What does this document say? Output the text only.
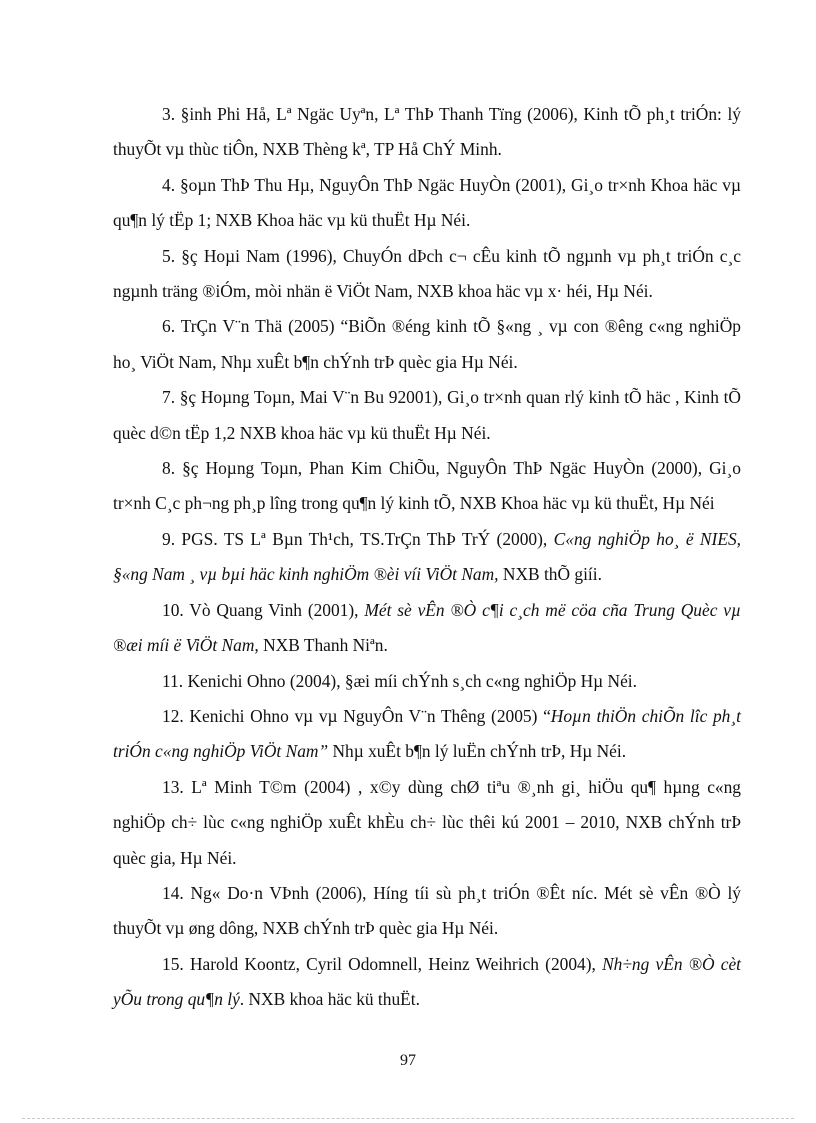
3. §inh Phi Hå, Lª Ngäc Uyªn, Lª ThÞ Thanh Tïng (2006), Kinh tÕ ph¸t triÓn: lý thuyÕt vµ thùc tiÔn, NXB Thèng kª, TP Hå ChÝ Minh.

4. §oµn ThÞ Thu Hµ, NguyÔn ThÞ Ngäc HuyÒn (2001), Gi¸o tr×nh Khoa häc vµ qu¶n lý tËp 1; NXB Khoa häc vµ kü thuËt Hµ Néi.

5. §ç Hoµi Nam (1996), ChuyÓn dÞch c¬ cÊu kinh tÕ ngµnh vµ ph¸t triÓn c¸c ngµnh träng ®iÓm, mòi nhän ë ViÖt Nam, NXB khoa häc vµ x· héi, Hµ Néi.

6. TrÇn V¨n Thä (2005) “BiÕn ®éng kinh tÕ §«ng ¸ vµ con ®êng c«ng nghiÖp ho¸ ViÖt Nam, Nhµ xuÊt b¶n chÝnh trÞ quèc gia Hµ Néi.

7. §ç Hoµng Toµn, Mai V¨n Bu 92001), Gi¸o tr×nh quan rlý kinh tÕ häc , Kinh tÕ quèc d©n tËp 1,2 NXB khoa häc vµ kü thuËt Hµ Néi.

8. §ç Hoµng Toµn, Phan Kim ChiÕu, NguyÔn ThÞ Ngäc HuyÒn (2000), Gi¸o tr×nh C¸c ph¬ng ph¸p lîng trong qu¶n lý kinh tÕ, NXB Khoa häc vµ kü thuËt, Hµ Néi

9. PGS. TS Lª Bµn Th¹ch, TS.TrÇn ThÞ TrÝ (2000), C«ng nghiÖp ho¸ ë NIES, §«ng Nam ¸ vµ bµi häc kinh nghiÖm ®èi víi ViÖt Nam, NXB thÕ giíi.

10. Vò Quang Vinh (2001), Mét sè vÊn ®Ò c¶i c¸ch më cöa cña Trung Quèc vµ ®æi míi ë ViÖt Nam, NXB Thanh Niªn.

11. Kenichi Ohno (2004), §æi míi chÝnh s¸ch c«ng nghiÖp Hµ Néi.

12. Kenichi Ohno vµ vµ NguyÔn V¨n Thêng (2005) “Hoµn thiÖn chiÕn lîc ph¸t triÓn c«ng nghiÖp ViÖt Nam” Nhµ xuÊt b¶n lý luËn chÝnh trÞ, Hµ Néi.

13. Lª Minh T©m (2004) , x©y dùng chØ tiªu ®¸nh gi¸ hiÖu qu¶ hµng c«ng nghiÖp ch÷ lùc c«ng nghiÖp xuÊt khÈu ch÷ lùc thêi kú 2001 – 2010, NXB chÝnh trÞ quèc gia, Hµ Néi.

14. Ng« Do·n VÞnh (2006), Híng tíi sù ph¸t triÓn ®Êt níc. Mét sè vÊn ®Ò lý thuyÕt vµ øng dông, NXB chÝnh trÞ quèc gia Hµ Néi.

15. Harold Koontz, Cyril Odomnell, Heinz Weihrich (2004), Nh÷ng vÊn ®Ò cèt yÕu trong qu¶n lý. NXB khoa häc kü thuËt.

97
